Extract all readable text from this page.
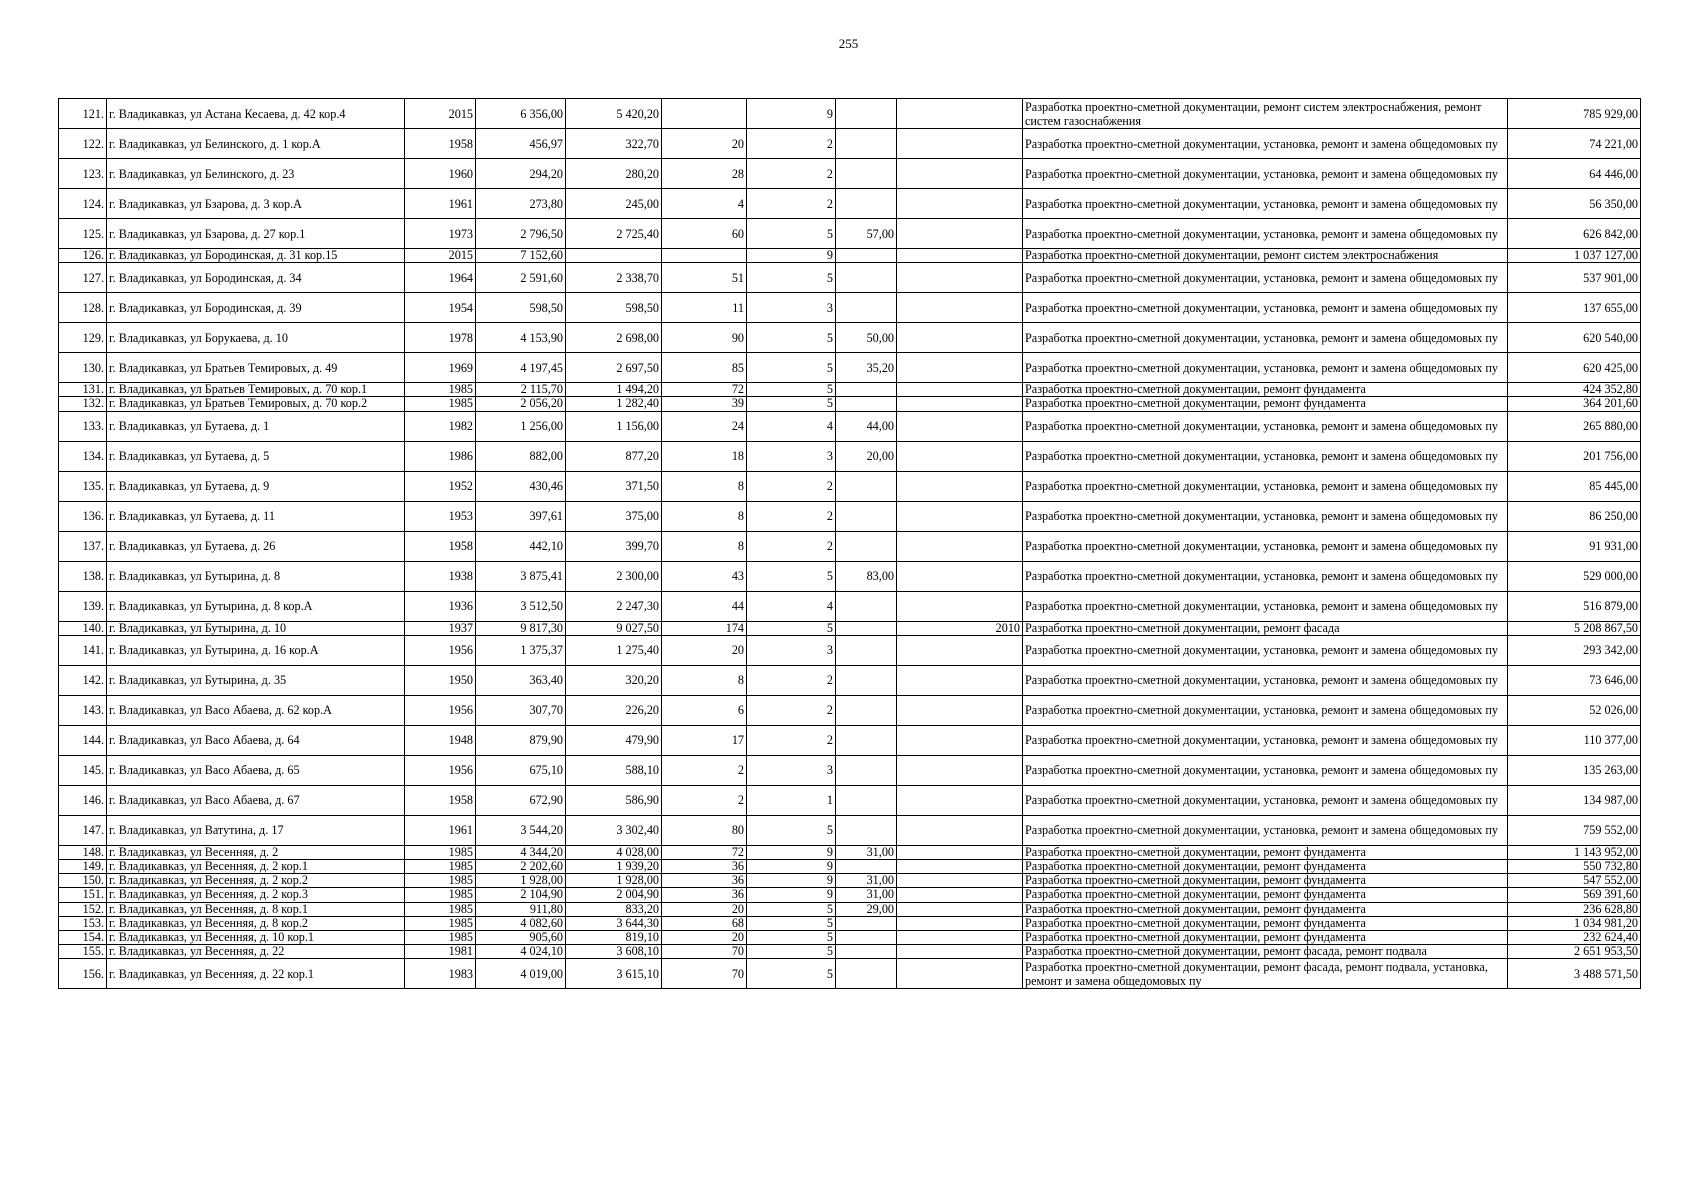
255
121.	г. Владикавказ, ул Астана Кесаева, д. 42 кор.4	2015	6 356,00	5 420,20		9			Разработка проектно-сметной документации, ремонт систем электроснабжения, ремонт систем газоснабжения	785 929,00
122.	г. Владикавказ, ул Белинского, д. 1 кор.А	1958	456,97	322,70	20	2			Разработка проектно-сметной документации, установка, ремонт и замена общедомовых пу	74 221,00
123.	г. Владикавказ, ул Белинского, д. 23	1960	294,20	280,20	28	2			Разработка проектно-сметной документации, установка, ремонт и замена общедомовых пу	64 446,00
124.	г. Владикавказ, ул Бзарова, д. 3 кор.А	1961	273,80	245,00	4	2			Разработка проектно-сметной документации, установка, ремонт и замена общедомовых пу	56 350,00
125.	г. Владикавказ, ул Бзарова, д. 27 кор.1	1973	2 796,50	2 725,40	60	5	57,00		Разработка проектно-сметной документации, установка, ремонт и замена общедомовых пу	626 842,00
126.	г. Владикавказ, ул Бородинская, д. 31 кор.15	2015	7 152,60			9			Разработка проектно-сметной документации, ремонт систем электроснабжения	1 037 127,00
127.	г. Владикавказ, ул Бородинская, д. 34	1964	2 591,60	2 338,70	51	5			Разработка проектно-сметной документации, установка, ремонт и замена общедомовых пу	537 901,00
128.	г. Владикавказ, ул Бородинская, д. 39	1954	598,50	598,50	11	3			Разработка проектно-сметной документации, установка, ремонт и замена общедомовых пу	137 655,00
129.	г. Владикавказ, ул Борукаева, д. 10	1978	4 153,90	2 698,00	90	5	50,00		Разработка проектно-сметной документации, установка, ремонт и замена общедомовых пу	620 540,00
130.	г. Владикавказ, ул Братьев Темировых, д. 49	1969	4 197,45	2 697,50	85	5	35,20		Разработка проектно-сметной документации, установка, ремонт и замена общедомовых пу	620 425,00
131.	г. Владикавказ, ул Братьев Темировых, д. 70 кор.1	1985	2 115,70	1 494,20	72	5			Разработка проектно-сметной документации, ремонт фундамента	424 352,80
132.	г. Владикавказ, ул Братьев Темировых, д. 70 кор.2	1985	2 056,20	1 282,40	39	5			Разработка проектно-сметной документации, ремонт фундамента	364 201,60
133.	г. Владикавказ, ул Бутаева, д. 1	1982	1 256,00	1 156,00	24	4	44,00		Разработка проектно-сметной документации, установка, ремонт и замена общедомовых пу	265 880,00
134.	г. Владикавказ, ул Бутаева, д. 5	1986	882,00	877,20	18	3	20,00		Разработка проектно-сметной документации, установка, ремонт и замена общедомовых пу	201 756,00
135.	г. Владикавказ, ул Бутаева, д. 9	1952	430,46	371,50	8	2			Разработка проектно-сметной документации, установка, ремонт и замена общедомовых пу	85 445,00
136.	г. Владикавказ, ул Бутаева, д. 11	1953	397,61	375,00	8	2			Разработка проектно-сметной документации, установка, ремонт и замена общедомовых пу	86 250,00
137.	г. Владикавказ, ул Бутаева, д. 26	1958	442,10	399,70	8	2			Разработка проектно-сметной документации, установка, ремонт и замена общедомовых пу	91 931,00
138.	г. Владикавказ, ул Бутырина, д. 8	1938	3 875,41	2 300,00	43	5	83,00		Разработка проектно-сметной документации, установка, ремонт и замена общедомовых пу	529 000,00
139.	г. Владикавказ, ул Бутырина, д. 8 кор.А	1936	3 512,50	2 247,30	44	4			Разработка проектно-сметной документации, установка, ремонт и замена общедомовых пу	516 879,00
140.	г. Владикавказ, ул Бутырина, д. 10	1937	9 817,30	9 027,50	174	5		2010	Разработка проектно-сметной документации, ремонт фасада	5 208 867,50
141.	г. Владикавказ, ул Бутырина, д. 16 кор.А	1956	1 375,37	1 275,40	20	3			Разработка проектно-сметной документации, установка, ремонт и замена общедомовых пу	293 342,00
142.	г. Владикавказ, ул Бутырина, д. 35	1950	363,40	320,20	8	2			Разработка проектно-сметной документации, установка, ремонт и замена общедомовых пу	73 646,00
143.	г. Владикавказ, ул Васо Абаева, д. 62 кор.А	1956	307,70	226,20	6	2			Разработка проектно-сметной документации, установка, ремонт и замена общедомовых пу	52 026,00
144.	г. Владикавказ, ул Васо Абаева, д. 64	1948	879,90	479,90	17	2			Разработка проектно-сметной документации, установка, ремонт и замена общедомовых пу	110 377,00
145.	г. Владикавказ, ул Васо Абаева, д. 65	1956	675,10	588,10	2	3			Разработка проектно-сметной документации, установка, ремонт и замена общедомовых пу	135 263,00
146.	г. Владикавказ, ул Васо Абаева, д. 67	1958	672,90	586,90	2	1			Разработка проектно-сметной документации, установка, ремонт и замена общедомовых пу	134 987,00
147.	г. Владикавказ, ул Ватутина, д. 17	1961	3 544,20	3 302,40	80	5			Разработка проектно-сметной документации, установка, ремонт и замена общедомовых пу	759 552,00
148.	г. Владикавказ, ул Весенняя, д. 2	1985	4 344,20	4 028,00	72	9	31,00		Разработка проектно-сметной документации, ремонт фундамента	1 143 952,00
149.	г. Владикавказ, ул Весенняя, д. 2 кор.1	1985	2 202,60	1 939,20	36	9			Разработка проектно-сметной документации, ремонт фундамента	550 732,80
150.	г. Владикавказ, ул Весенняя, д. 2 кор.2	1985	1 928,00	1 928,00	36	9	31,00		Разработка проектно-сметной документации, ремонт фундамента	547 552,00
151.	г. Владикавказ, ул Весенняя, д. 2 кор.3	1985	2 104,90	2 004,90	36	9	31,00		Разработка проектно-сметной документации, ремонт фундамента	569 391,60
152.	г. Владикавказ, ул Весенняя, д. 8 кор.1	1985	911,80	833,20	20	5	29,00		Разработка проектно-сметной документации, ремонт фундамента	236 628,80
153.	г. Владикавказ, ул Весенняя, д. 8 кор.2	1985	4 082,60	3 644,30	68	5			Разработка проектно-сметной документации, ремонт фундамента	1 034 981,20
154.	г. Владикавказ, ул Весенняя, д. 10 кор.1	1985	905,60	819,10	20	5			Разработка проектно-сметной документации, ремонт фундамента	232 624,40
155.	г. Владикавказ, ул Весенняя, д. 22	1981	4 024,10	3 608,10	70	5			Разработка проектно-сметной документации, ремонт фасада, ремонт подвала	2 651 953,50
156.	г. Владикавказ, ул Весенняя, д. 22 кор.1	1983	4 019,00	3 615,10	70	5			Разработка проектно-сметной документации, ремонт фасада, ремонт подвала, установка, ремонт и замена общедомовых пу	3 488 571,50
